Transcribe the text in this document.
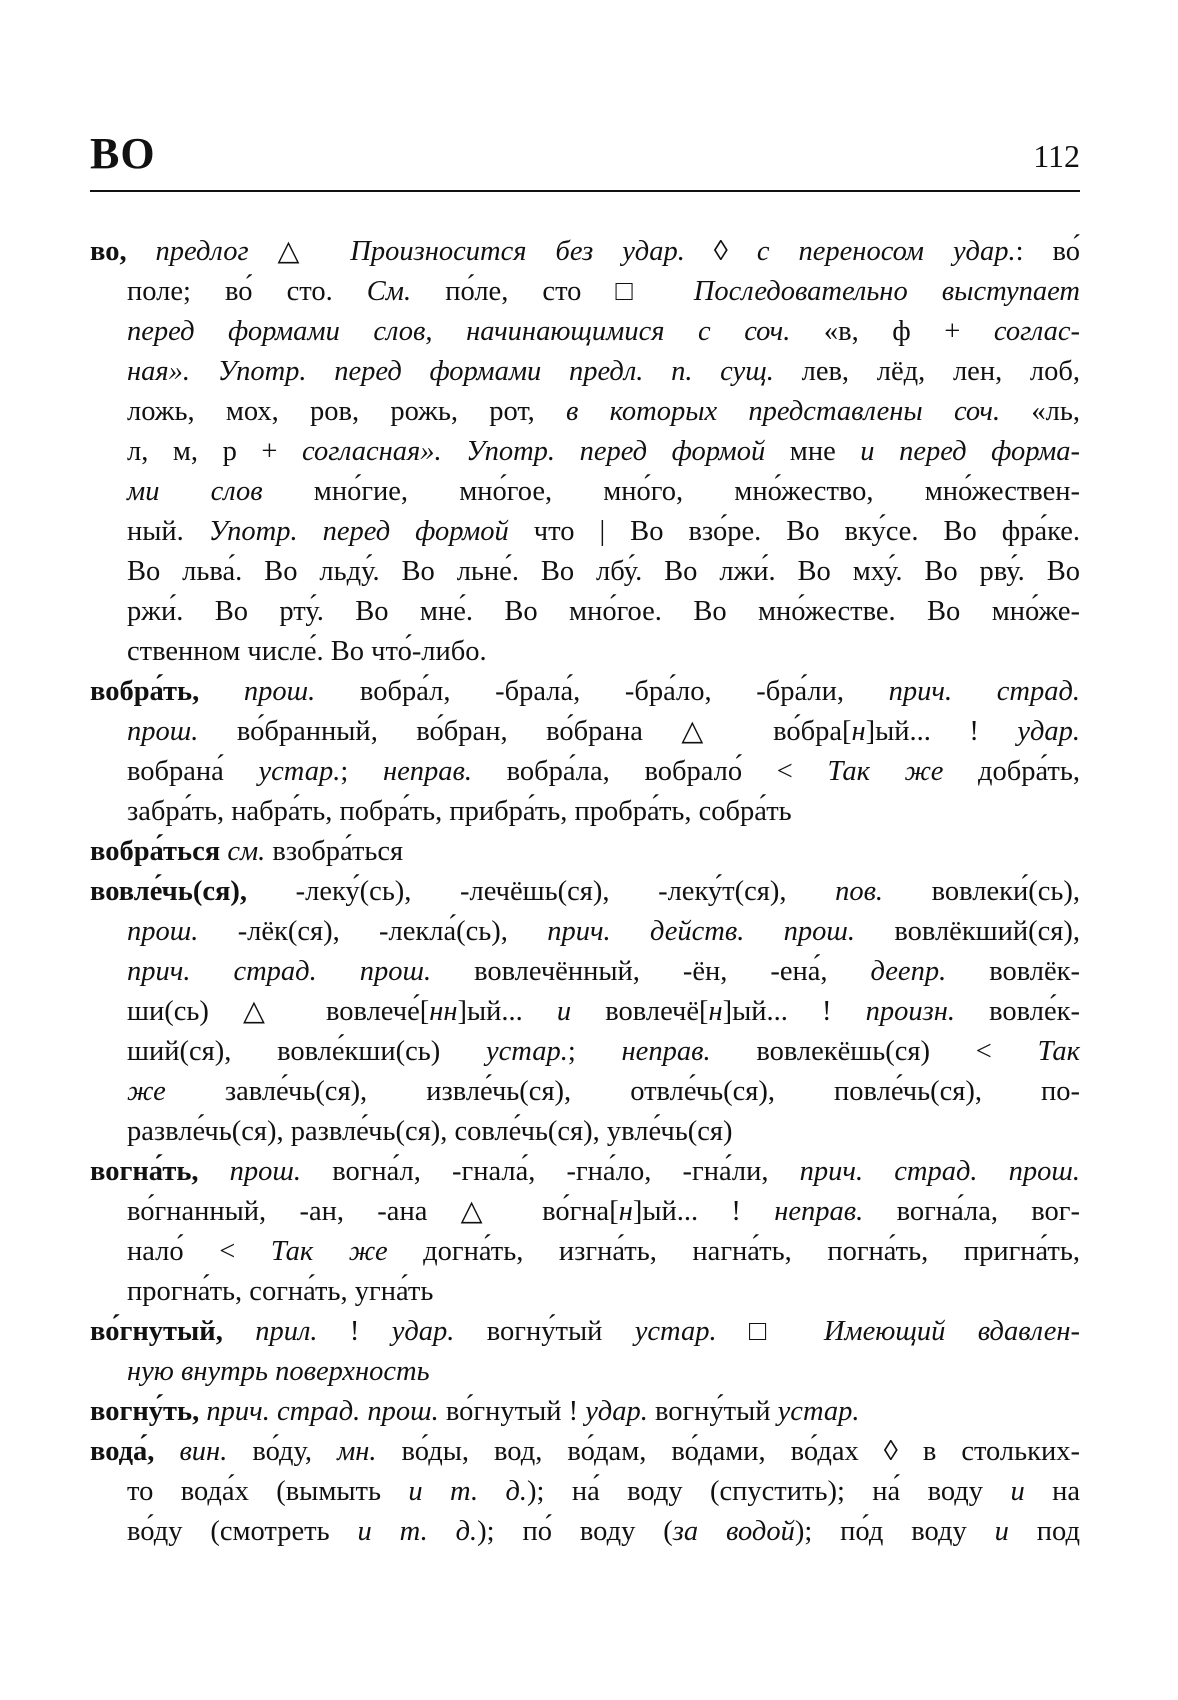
ВО	112
во, предлог △ Произносится без удар. ◊ с переносом удар.: во́
поле; во́ сто. См. по́ле, сто □ Последовательно выступает
перед формами слов, начинающимися с соч. «в, ф + соглас-
ная». Употр. перед формами предл. п. сущ. лев, лёд, лен, лоб,
ложь, мох, ров, рожь, рот, в которых представлены соч. «ль,
л, м, р + согласная». Употр. перед формой мне и перед форма-
ми слов мно́гие, мно́гое, мно́го, мно́жество, мно́жествен-
ный. Употр. перед формой что | Во взо́ре. Во вку́се. Во фра́ке.
Во льва́. Во льду́. Во льне́. Во лбу́. Во лжи́. Во мху́. Во рву́. Во
ржи́. Во рту́. Во мне́. Во мно́гое. Во мно́жестве. Во мно́же-
ственном числе́. Во что́-либо.
вобра́ть, прош. вобра́л, -брала́, -бра́ло, -бра́ли, прич. страд.
прош. во́бранный, во́бран, во́брана △ во́бра[н]ый... ! удар.
вобрана́ устар.; неправ. вобра́ла, вобрало́ < Так же добра́ть,
забра́ть, набра́ть, побра́ть, прибра́ть, пробра́ть, собра́ть
вобра́ться см. взобра́ться
вовле́чь(ся), -леку́(сь), -лечёшь(ся), -леку́т(ся), пов. вовлеки́(сь),
прош. -лёк(ся), -лекла́(сь), прич. действ. прош. вовлёкший(ся),
прич. страд. прош. вовлечённый, -ён, -ена́, деепр. вовлёк-
ши(сь) △ вовлече́[нн]ый... и вовлечё[н]ый... ! произн. вовле́к-
ший(ся), вовле́кши(сь) устар.; неправ. вовлекёшь(ся) < Так
же завле́чь(ся), извле́чь(ся), отвле́чь(ся), повле́чь(ся), по-
развле́чь(ся), развле́чь(ся), совле́чь(ся), увле́чь(ся)
вогна́ть, прош. вогна́л, -гнала́, -гна́ло, -гна́ли, прич. страд. прош.
во́гнанный, -ан, -ана △ во́гна[н]ый... ! неправ. вогна́ла, вог-
нало́ < Так же догна́ть, изгна́ть, нагна́ть, погна́ть, пригна́ть,
прогна́ть, согна́ть, угна́ть
во́гнутый, прил. ! удар. вогну́тый устар. □ Имеющий вдавлен-
ную внутрь поверхность
вогну́ть, прич. страд. прош. во́гнутый ! удар. вогну́тый устар.
вода́, вин. во́ду, мн. во́ды, вод, во́дам, во́дами, во́дах ◊ в стольких-
то вода́х (вымыть и т. д.); на́ воду (спустить); на́ воду и на
во́ду (смотреть и т. д.); по́ воду (за водой); по́д воду и под
